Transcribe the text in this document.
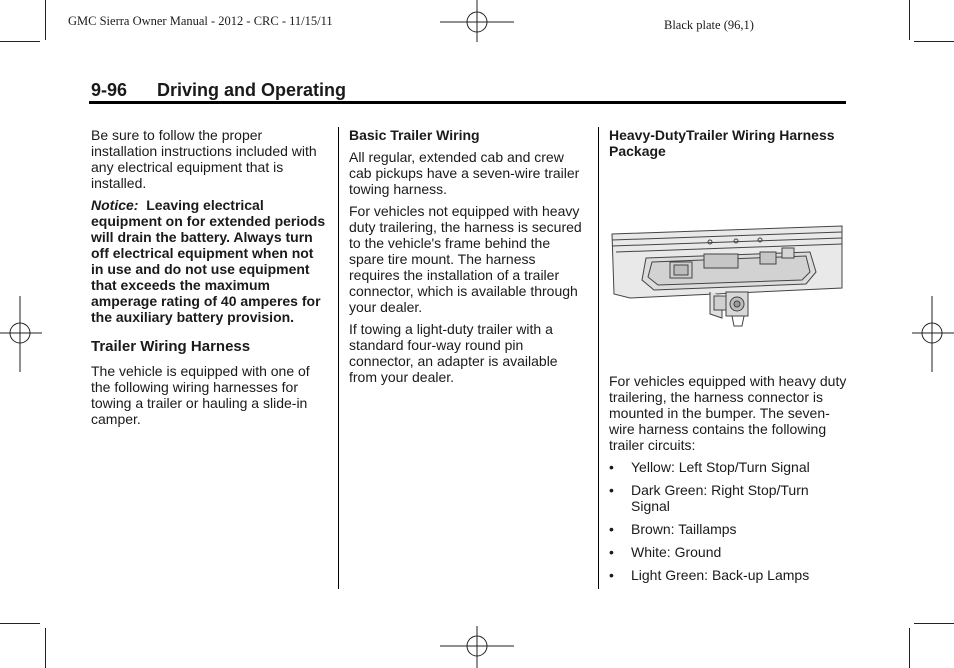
GMC Sierra Owner Manual - 2012 - CRC - 11/15/11	Black plate (96,1)
9-96 Driving and Operating

Be sure to follow the proper installation instructions included with any electrical equipment that is installed.

Notice: Leaving electrical equipment on for extended periods will drain the battery. Always turn off electrical equipment when not in use and do not use equipment that exceeds the maximum amperage rating of 40 amperes for the auxiliary battery provision.

Trailer Wiring Harness

The vehicle is equipped with one of the following wiring harnesses for towing a trailer or hauling a slide-in camper.

Basic Trailer Wiring

All regular, extended cab and crew cab pickups have a seven-wire trailer towing harness.

For vehicles not equipped with heavy duty trailering, the harness is secured to the vehicle's frame behind the spare tire mount. The harness requires the installation of a trailer connector, which is available through your dealer.

If towing a light-duty trailer with a standard four-way round pin connector, an adapter is available from your dealer.

Heavy-DutyTrailer Wiring Harness Package

For vehicles equipped with heavy duty trailering, the harness connector is mounted in the bumper. The seven-wire harness contains the following trailer circuits:

• Yellow: Left Stop/Turn Signal
• Dark Green: Right Stop/Turn Signal
• Brown: Taillamps
• White: Ground
• Light Green: Back-up Lamps
